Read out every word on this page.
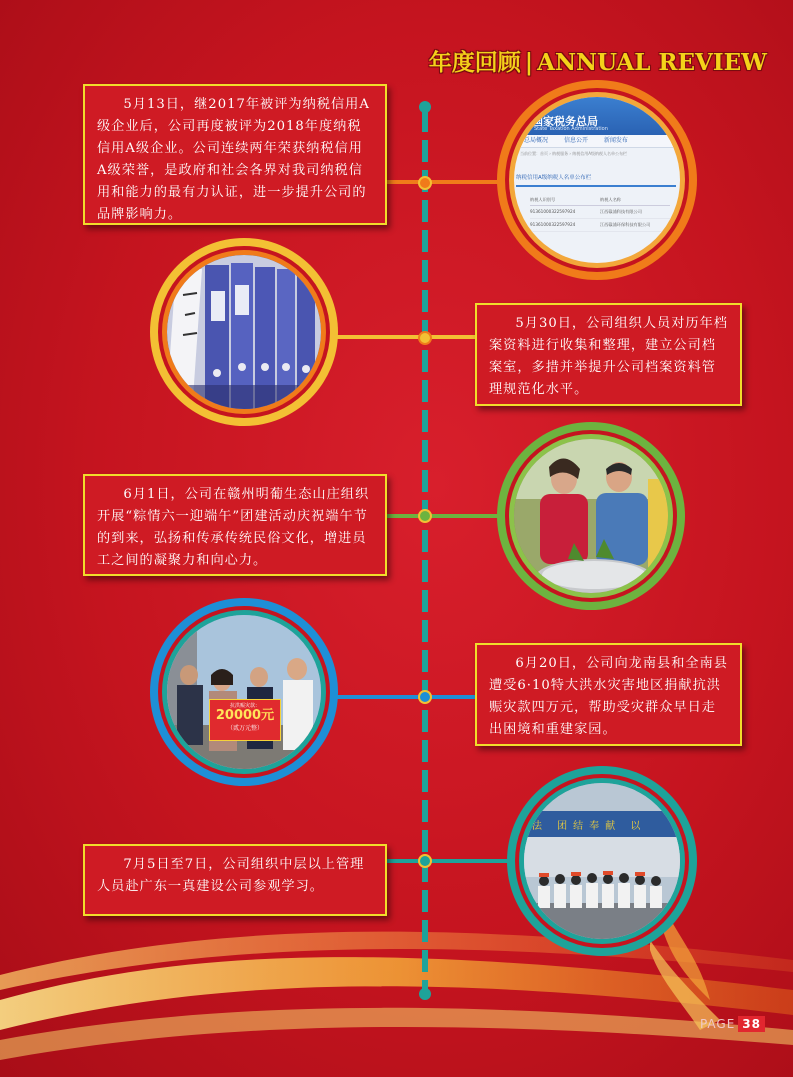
年度回顾 | ANNUAL REVIEW

5月13日，继2017年被评为纳税信用A级企业后，公司再度被评为2018年度纳税信用A级企业。公司连续两年荣获纳税信用A级荣誉，是政府和社会各界对我司纳税信用和能力的最有力认证，进一步提升公司的品牌影响力。

国家税务总局
State Taxation Administration
总局概况	信息公开	新闻发布
当前位置：首页 › 纳税服务 › 纳税信用A级纳税人名单公布栏
纳税信用A级纳税人名单公布栏
纳税人识别号	纳税人名称
91361000322597924	江西赣浦科技有限公司
91361000322597924	江西赣浦环保科技有限公司

5月30日，公司组织人员对历年档案资料进行收集和整理，建立公司档案室，多措并举提升公司档案资料管理规范化水平。

6月1日，公司在赣州明葡生态山庄组织开展“粽情六一迎端午”团建活动庆祝端午节的到来，弘扬和传承传统民俗文化，增进员工之间的凝聚力和向心力。

抗洪赈灾款：
20000元
（贰万元整）

6月20日，公司向龙南县和全南县遭受6·10特大洪水灾害地区捐献抗洪赈灾款四万元，帮助受灾群众早日走出困境和重建家园。

7月5日至7日，公司组织中层以上管理人员赴广东一真建设公司参观学习。

法 团结奉献 以
PAGE 38
